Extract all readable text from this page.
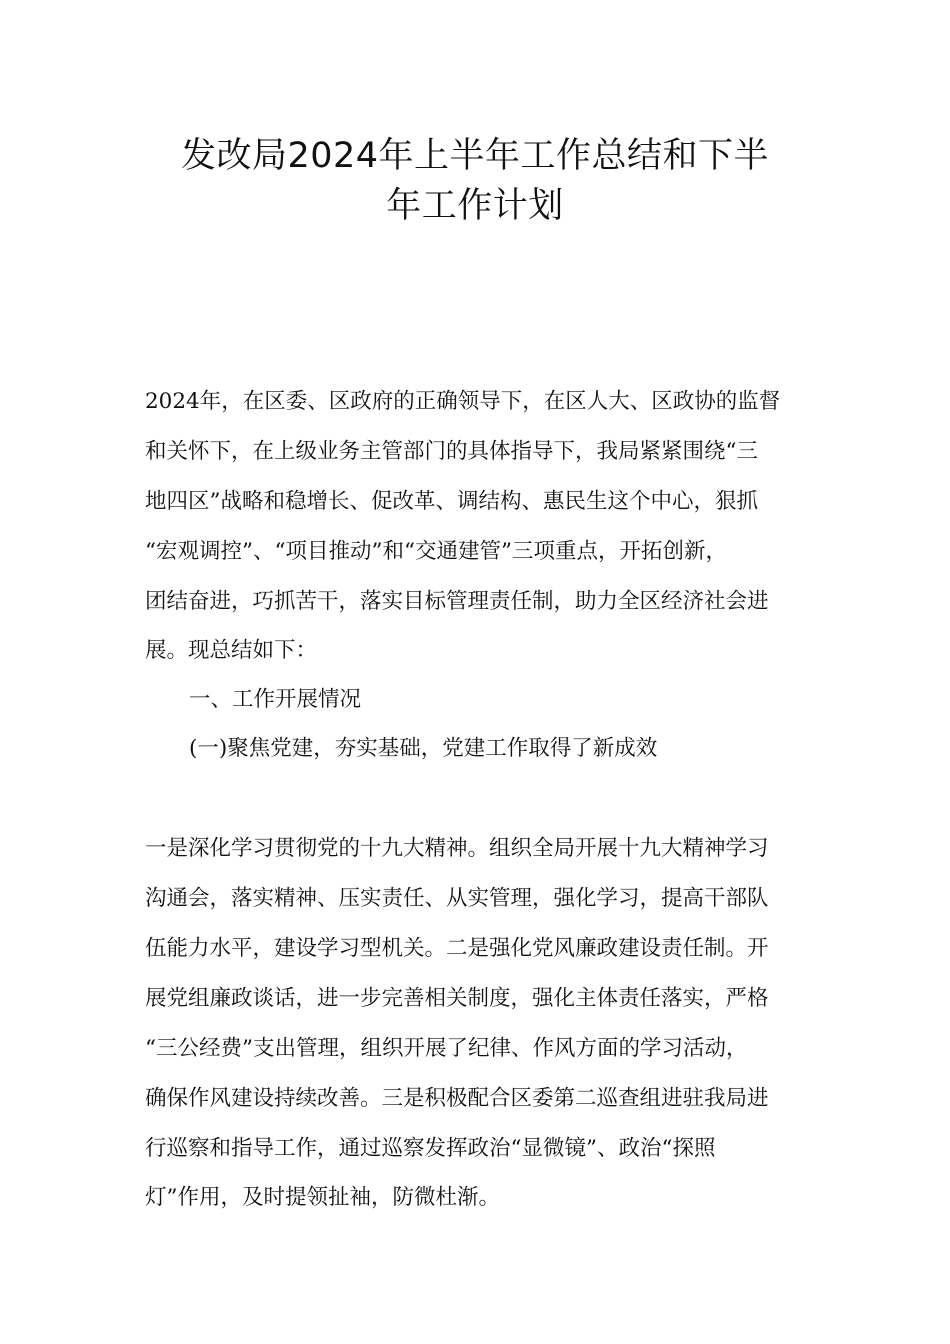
发改局2024年上半年工作总结和下半
年工作计划
2024年，在区委、区政府的正确领导下，在区人大、区政协的监督
和关怀下，在上级业务主管部门的具体指导下，我局紧紧围绕“三
地四区”战略和稳增长、促改革、调结构、惠民生这个中心，狠抓
“宏观调控”、“项目推动”和“交通建管”三项重点，开拓创新，
团结奋进，巧抓苦干，落实目标管理责任制，助力全区经济社会进
展。现总结如下：
一、工作开展情况
(一)聚焦党建，夯实基础，党建工作取得了新成效
一是深化学习贯彻党的十九大精神。组织全局开展十九大精神学习
沟通会，落实精神、压实责任、从实管理，强化学习，提高干部队
伍能力水平，建设学习型机关。二是强化党风廉政建设责任制。开
展党组廉政谈话，进一步完善相关制度，强化主体责任落实，严格
“三公经费”支出管理，组织开展了纪律、作风方面的学习活动，
确保作风建设持续改善。三是积极配合区委第二巡查组进驻我局进
行巡察和指导工作，通过巡察发挥政治“显微镜”、政治“探照
灯”作用，及时提领扯袖，防微杜渐。
